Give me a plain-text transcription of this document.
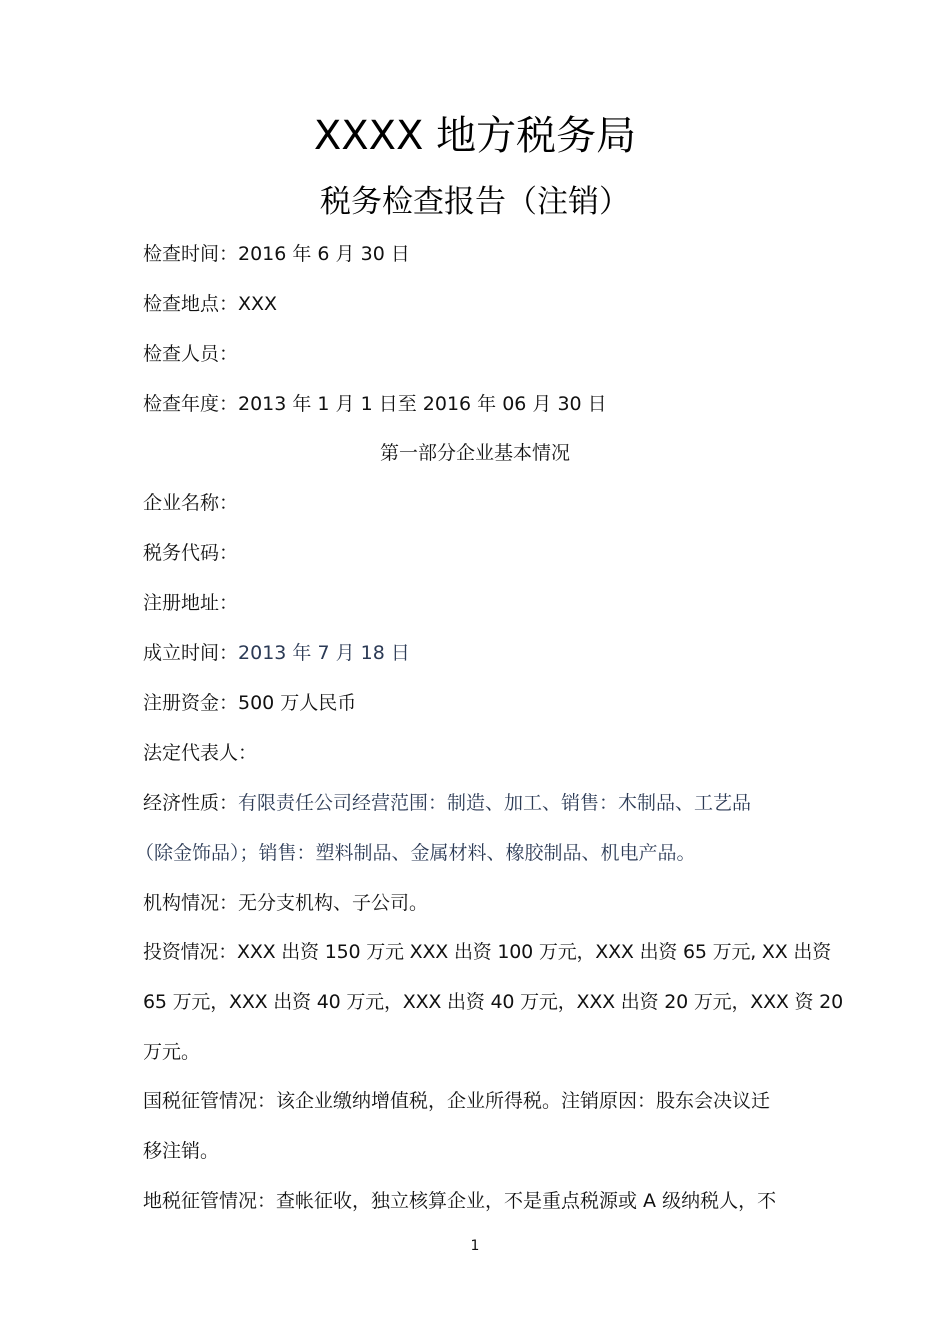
XXXX 地方税务局
税务检查报告（注销）
检查时间：2016 年 6 月 30 日
检查地点：XXX
检查人员：
检查年度：2013 年 1 月 1 日至 2016 年 06 月 30 日
第一部分企业基本情况
企业名称：
税务代码：
注册地址：
成立时间：2013 年 7 月 18 日
注册资金：500 万人民币
法定代表人：
经济性质：有限责任公司经营范围：制造、加工、销售：木制品、工艺品
（除金饰品）；销售：塑料制品、金属材料、橡胶制品、机电产品。
机构情况：无分支机构、子公司。
投资情况：XXX 出资 150 万元 XXX 出资 100 万元，XXX 出资 65 万元, XX 出资
65 万元，XXX 出资 40 万元，XXX 出资 40 万元，XXX 出资 20 万元，XXX 资 20
万元。
国税征管情况：该企业缴纳增值税，企业所得税。注销原因：股东会决议迁
移注销。
地税征管情况：查帐征收，独立核算企业，不是重点税源或 A 级纳税人，不
1
